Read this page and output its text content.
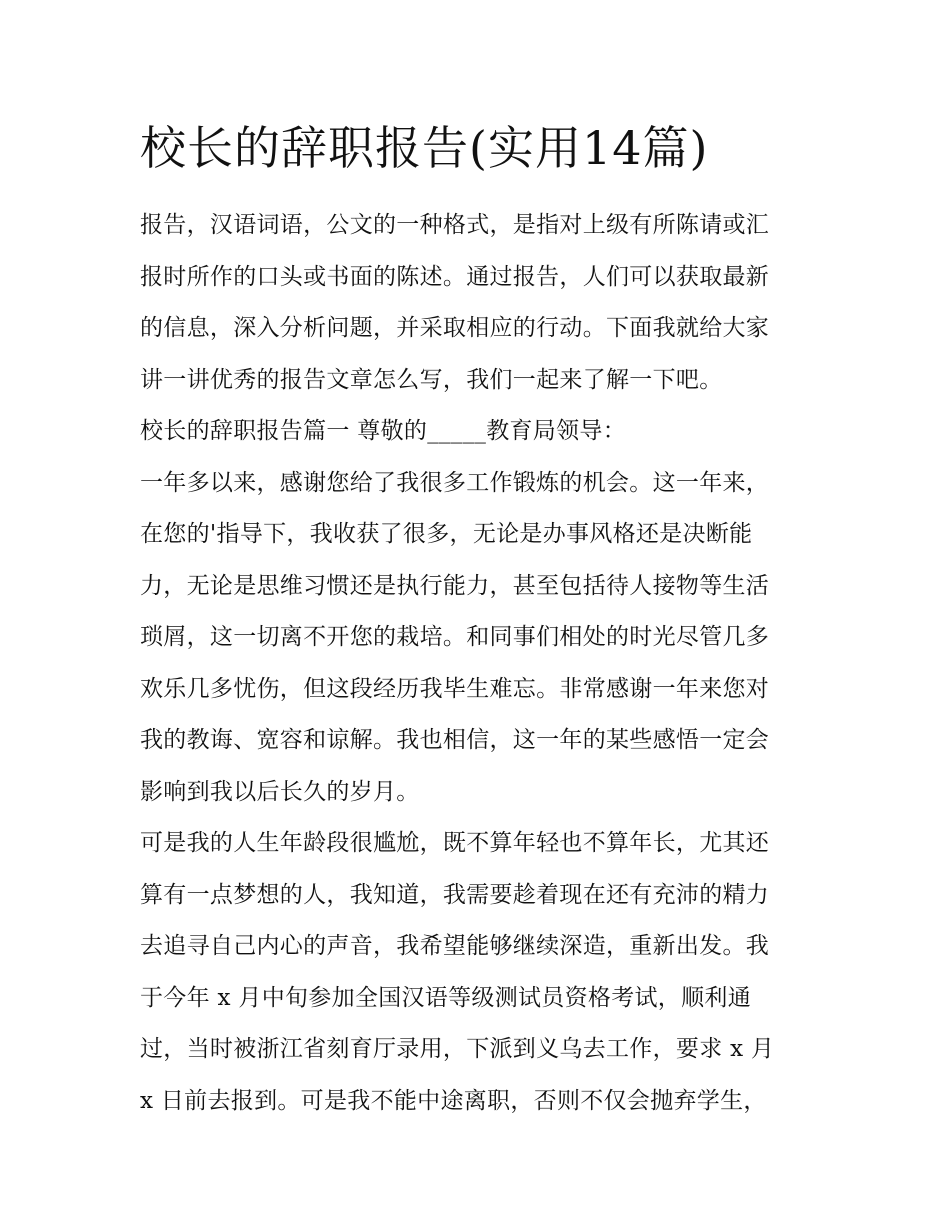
校长的辞职报告(实用14篇)

报告，汉语词语，公文的一种格式，是指对上级有所陈请或汇

报时所作的口头或书面的陈述。通过报告，人们可以获取最新

的信息，深入分析问题，并采取相应的行动。下面我就给大家

讲一讲优秀的报告文章怎么写，我们一起来了解一下吧。

校长的辞职报告篇一 尊敬的_____教育局领导：

一年多以来，感谢您给了我很多工作锻炼的机会。这一年来，

在您的'指导下，我收获了很多，无论是办事风格还是决断能

力，无论是思维习惯还是执行能力，甚至包括待人接物等生活

琐屑，这一切离不开您的栽培。和同事们相处的时光尽管几多

欢乐几多忧伤，但这段经历我毕生难忘。非常感谢一年来您对

我的教诲、宽容和谅解。我也相信，这一年的某些感悟一定会

影响到我以后长久的岁月。

可是我的人生年龄段很尴尬，既不算年轻也不算年长，尤其还

算有一点梦想的人，我知道，我需要趁着现在还有充沛的精力

去追寻自己内心的声音，我希望能够继续深造，重新出发。我

于今年 x 月中旬参加全国汉语等级测试员资格考试，顺利通

过，当时被浙江省刻育厅录用，下派到义乌去工作，要求 x 月

x 日前去报到。可是我不能中途离职，否则不仅会抛弃学生，
